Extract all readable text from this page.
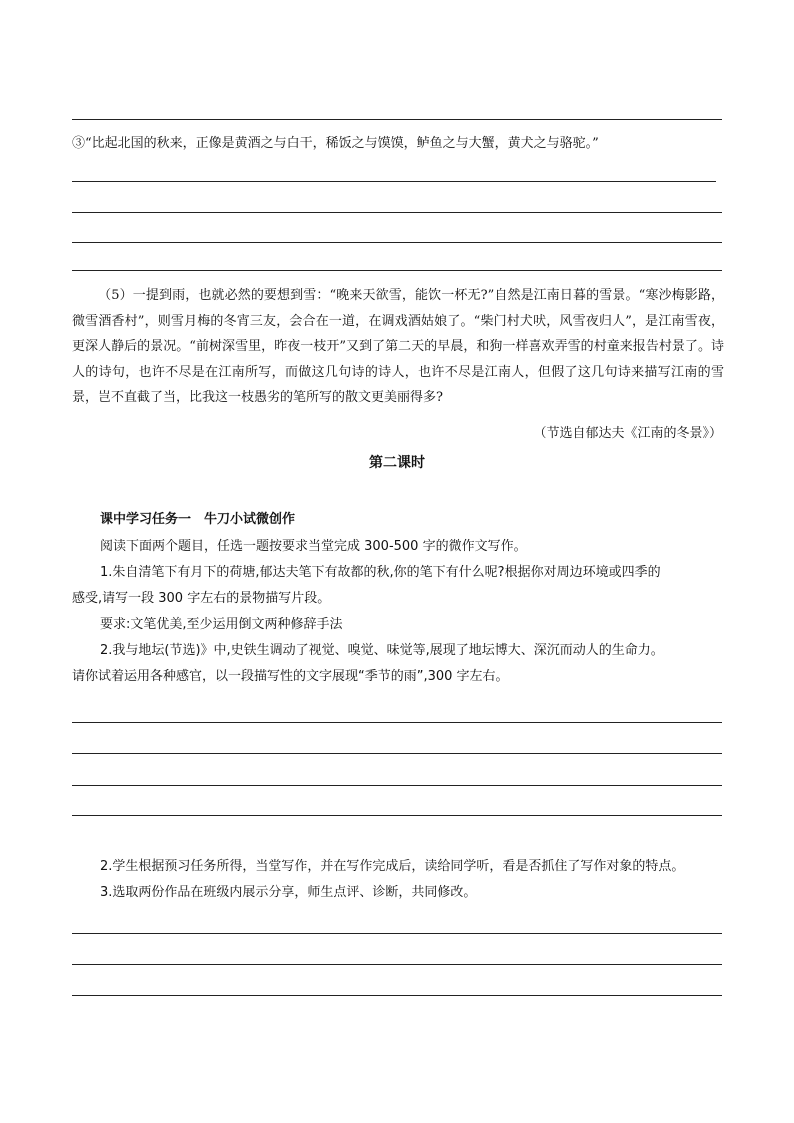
③“比起北国的秋来，正像是黄酒之与白干，稀饭之与馍馍，鲈鱼之与大蟹，黄犬之与骆驼。”
（5）一提到雨，也就必然的要想到雪：“晚来天欲雪，能饮一杯无?”自然是江南日暮的雪景。“寒沙梅影路，微雪酒香村”，则雪月梅的冬宵三友，会合在一道，在调戏酒姑娘了。“柴门村犬吠，风雪夜归人”，是江南雪夜，更深人静后的景况。“前树深雪里，昨夜一枝开”又到了第二天的早晨，和狗一样喜欢弄雪的村童来报告村景了。诗人的诗句，也许不尽是在江南所写，而做这几句诗的诗人，也许不尽是江南人，但假了这几句诗来描写江南的雪景，岂不直截了当，比我这一枝愚劣的笔所写的散文更美丽得多?
（节选自郁达夫《江南的冬景》）
第二课时
课中学习任务一　牛刀小试微创作
阅读下面两个题目，任选一题按要求当堂完成 300-500 字的微作文写作。
1.朱自清笔下有月下的荷塘,郁达夫笔下有故都的秋,你的笔下有什么呢?根据你对周边环境或四季的
感受,请写一段 300 字左右的景物描写片段。
要求:文笔优美,至少运用倒文两种修辞手法
2.我与地坛(节选)》中,史铁生调动了视觉、嗅觉、味觉等,展现了地坛博大、深沉而动人的生命力。
请你试着运用各种感官，以一段描写性的文字展现“季节的雨”,300 字左右。
2.学生根据预习任务所得，当堂写作，并在写作完成后，读给同学听，看是否抓住了写作对象的特点。
3.选取两份作品在班级内展示分享，师生点评、诊断，共同修改。
